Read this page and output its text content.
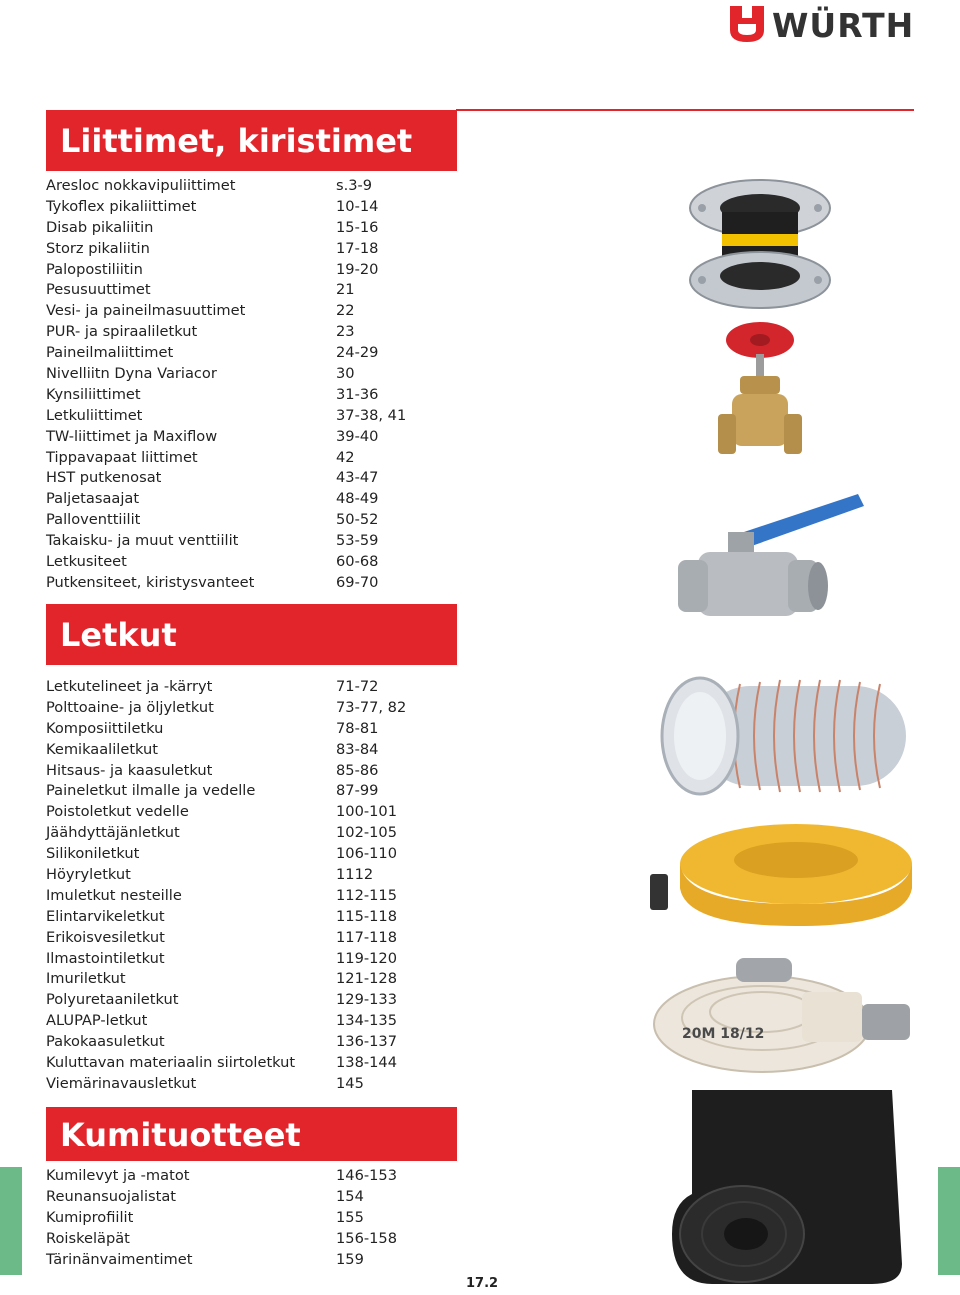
WÜRTH
Liittimet, kiristimet
Aresloc nokkavipuliittimet	s.3-9
Tykoflex pikaliittimet	10-14
Disab pikaliitin	15-16
Storz pikaliitin	17-18
Palopostiliitin	19-20
Pesusuuttimet	21
Vesi- ja paineilmasuuttimet	22
PUR- ja spiraaliletkut	23
Paineilmaliittimet	24-29
Nivelliitn Dyna Variacor	30
Kynsiliittimet	31-36
Letkuliittimet	37-38, 41
TW-liittimet ja Maxiflow	39-40
Tippavapaat liittimet	42
HST putkenosat	43-47
Paljetasaajat	48-49
Palloventtiilit	50-52
Takaisku- ja muut venttiilit	53-59
Letkusiteet	60-68
Putkensiteet, kiristysvanteet	69-70
Letkut
Letkutelineet ja -kärryt	71-72
Polttoaine- ja öljyletkut	73-77, 82
Komposiittiletku	78-81
Kemikaaliletkut	83-84
Hitsaus- ja kaasuletkut	85-86
Paineletkut ilmalle ja vedelle	87-99
Poistoletkut vedelle	100-101
Jäähdyttäjänletkut	102-105
Silikoniletkut	106-110
Höyryletkut	1112
Imuletkut nesteille	112-115
Elintarvikeletkut	115-118
Erikoisvesiletkut	117-118
Ilmastointiletkut	119-120
Imuriletkut	121-128
Polyuretaaniletkut	129-133
ALUPAP-letkut	134-135
Pakokaasuletkut	136-137
Kuluttavan materiaalin siirtoletkut	138-144
Viemärinavausletkut	145
Kumituotteet
Kumilevyt ja -matot	146-153
Reunansuojalistat	154
Kumiprofiilit	155
Roiskeläpät	156-158
Tärinänvaimentimet	159
20M 18/12
17.2
